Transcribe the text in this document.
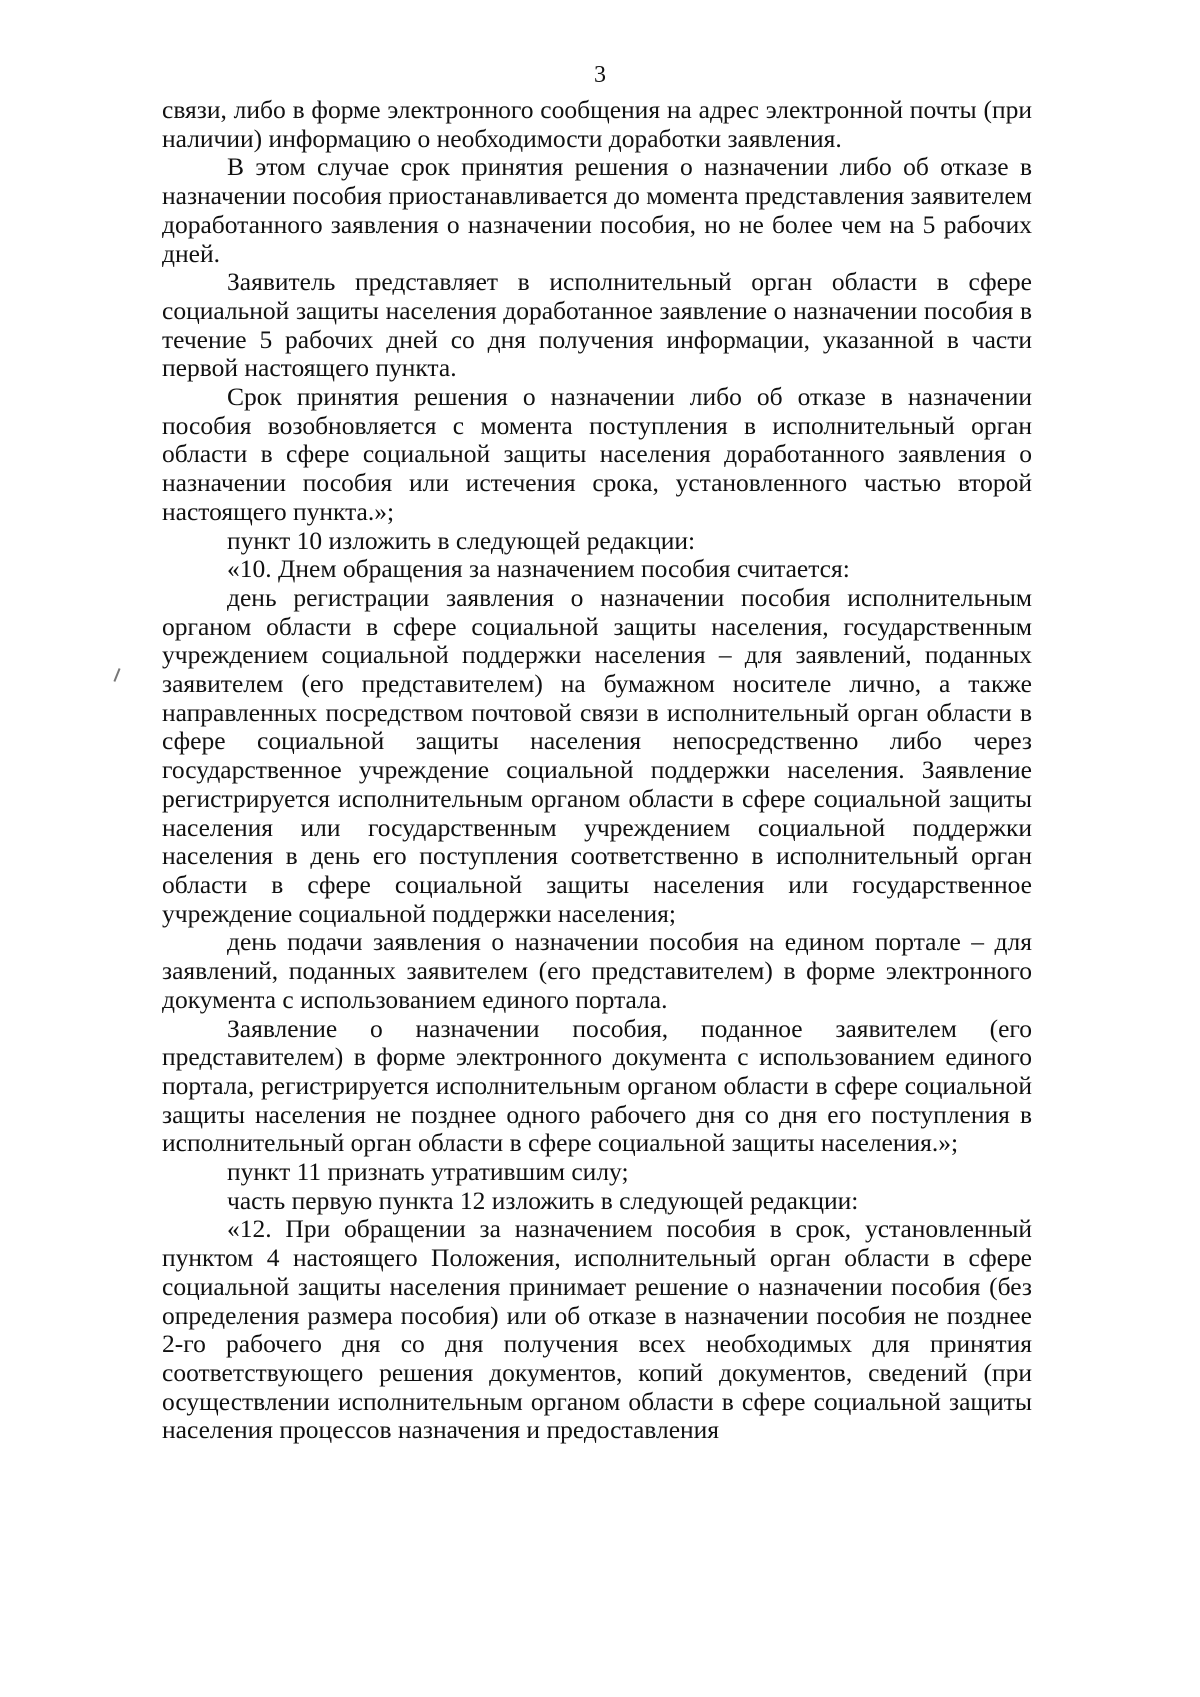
3

связи, либо в форме электронного сообщения на адрес электронной почты (при наличии) информацию о необходимости доработки заявления.

В этом случае срок принятия решения о назначении либо об отказе в назначении пособия приостанавливается до момента представления заявителем доработанного заявления о назначении пособия, но не более чем на 5 рабочих дней.

Заявитель представляет в исполнительный орган области в сфере социальной защиты населения доработанное заявление о назначении пособия в течение 5 рабочих дней со дня получения информации, указанной в части первой настоящего пункта.

Срок принятия решения о назначении либо об отказе в назначении пособия возобновляется с момента поступления в исполнительный орган области в сфере социальной защиты населения доработанного заявления о назначении пособия или истечения срока, установленного частью второй настоящего пункта.»;

пункт 10 изложить в следующей редакции:

«10. Днем обращения за назначением пособия считается:

день регистрации заявления о назначении пособия исполнительным органом области в сфере социальной защиты населения, государственным учреждением социальной поддержки населения – для заявлений, поданных заявителем (его представителем) на бумажном носителе лично, а также направленных посредством почтовой связи в исполнительный орган области в сфере социальной защиты населения непосредственно либо через государственное учреждение социальной поддержки населения. Заявление регистрируется исполнительным органом области в сфере социальной защиты населения или государственным учреждением социальной поддержки населения в день его поступления соответственно в исполнительный орган области в сфере социальной защиты населения или государственное учреждение социальной поддержки населения;

день подачи заявления о назначении пособия на едином портале – для заявлений, поданных заявителем (его представителем) в форме электронного документа с использованием единого портала.

Заявление о назначении пособия, поданное заявителем (его представителем) в форме электронного документа с использованием единого портала, регистрируется исполнительным органом области в сфере социальной защиты населения не позднее одного рабочего дня со дня его поступления в исполнительный орган области в сфере социальной защиты населения.»;

пункт 11 признать утратившим силу;

часть первую пункта 12 изложить в следующей редакции:

«12. При обращении за назначением пособия в срок, установленный пунктом 4 настоящего Положения, исполнительный орган области в сфере социальной защиты населения принимает решение о назначении пособия (без определения размера пособия) или об отказе в назначении пособия не позднее 2-го рабочего дня со дня получения всех необходимых для принятия соответствующего решения документов, копий документов, сведений (при осуществлении исполнительным органом области в сфере социальной защиты населения процессов назначения и предоставления
